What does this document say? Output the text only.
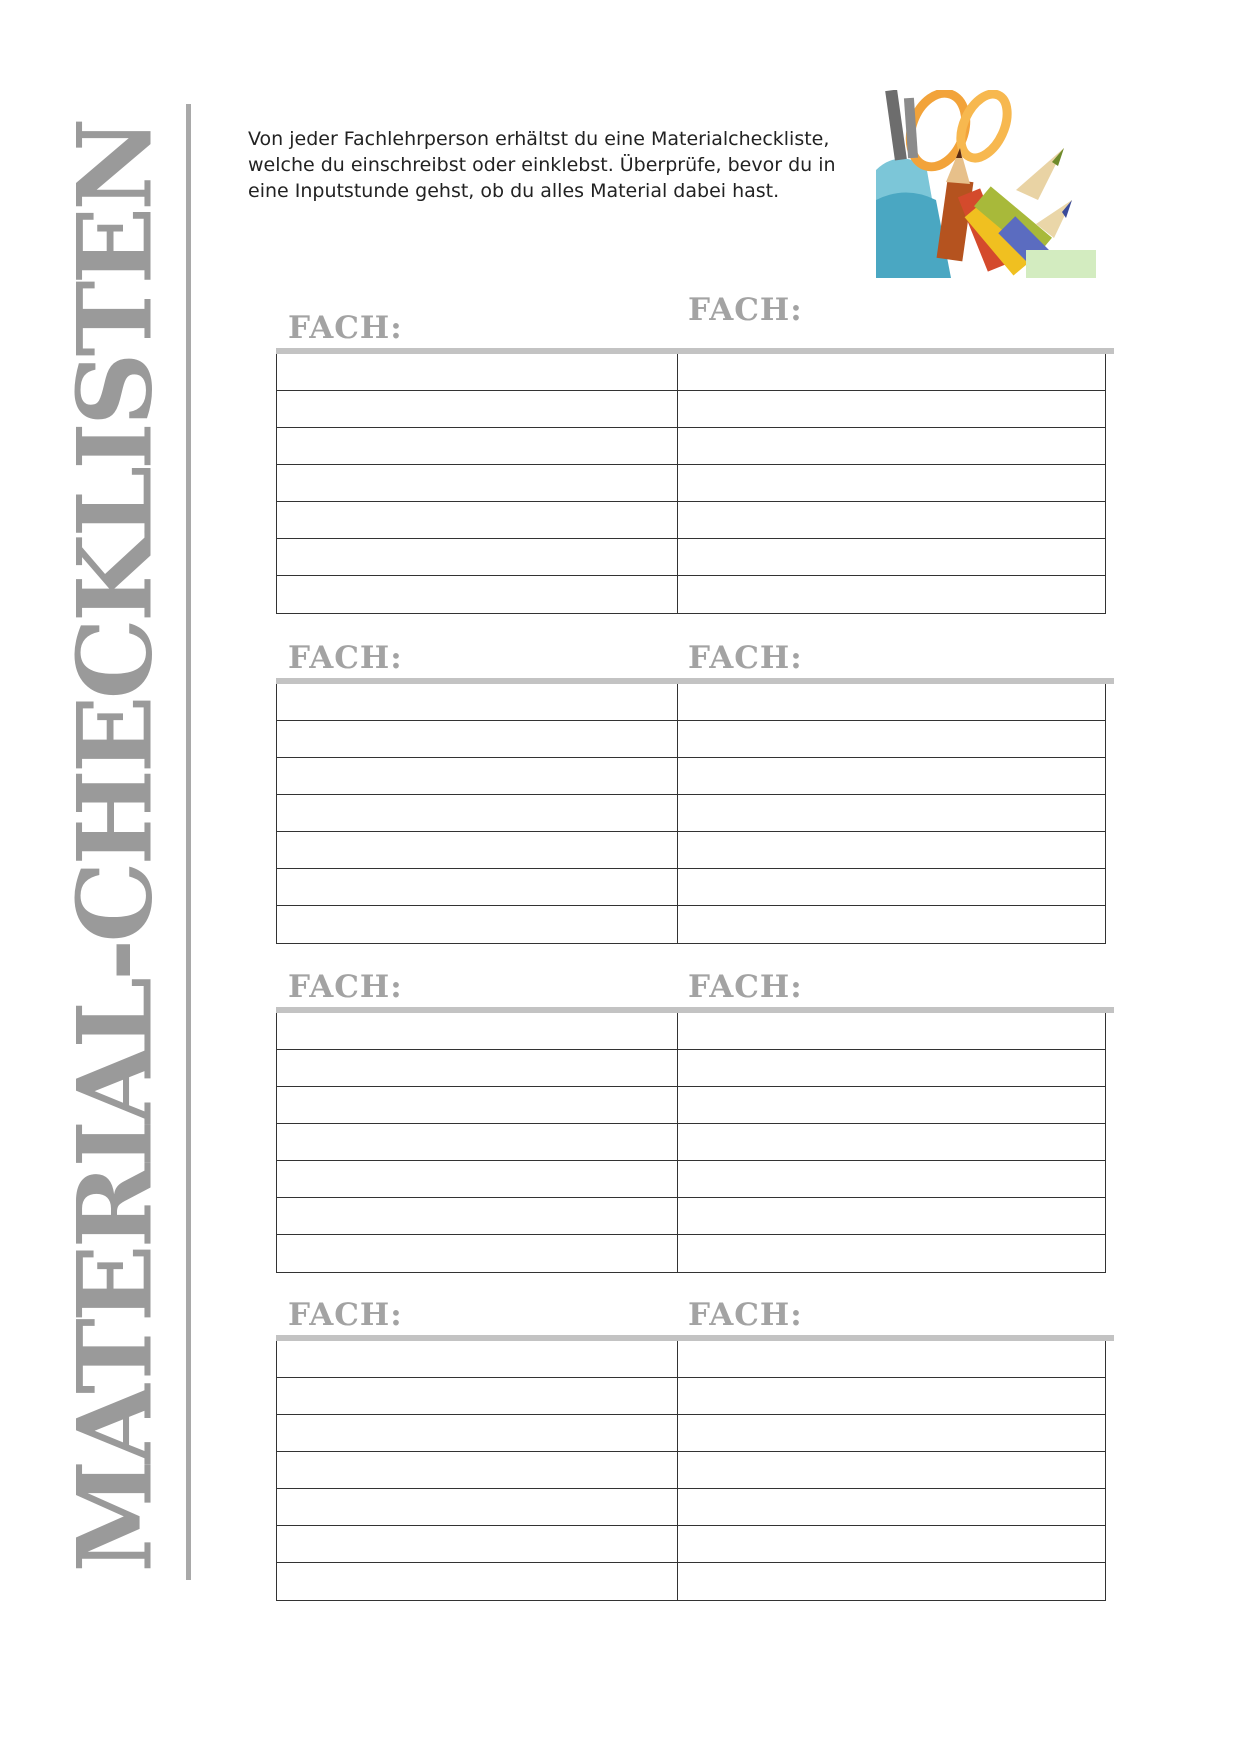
MATERIAL-CHECKLISTEN	Von jeder Fachlehrperson erhältst du eine Materialcheckliste, welche du einschreibst oder einklebst. Überprüfe, bevor du in eine Inputstunde gehst, ob du alles Material dabei hast.

FACH:	FACH:
FACH:	FACH:
FACH:	FACH:
FACH:	FACH:
